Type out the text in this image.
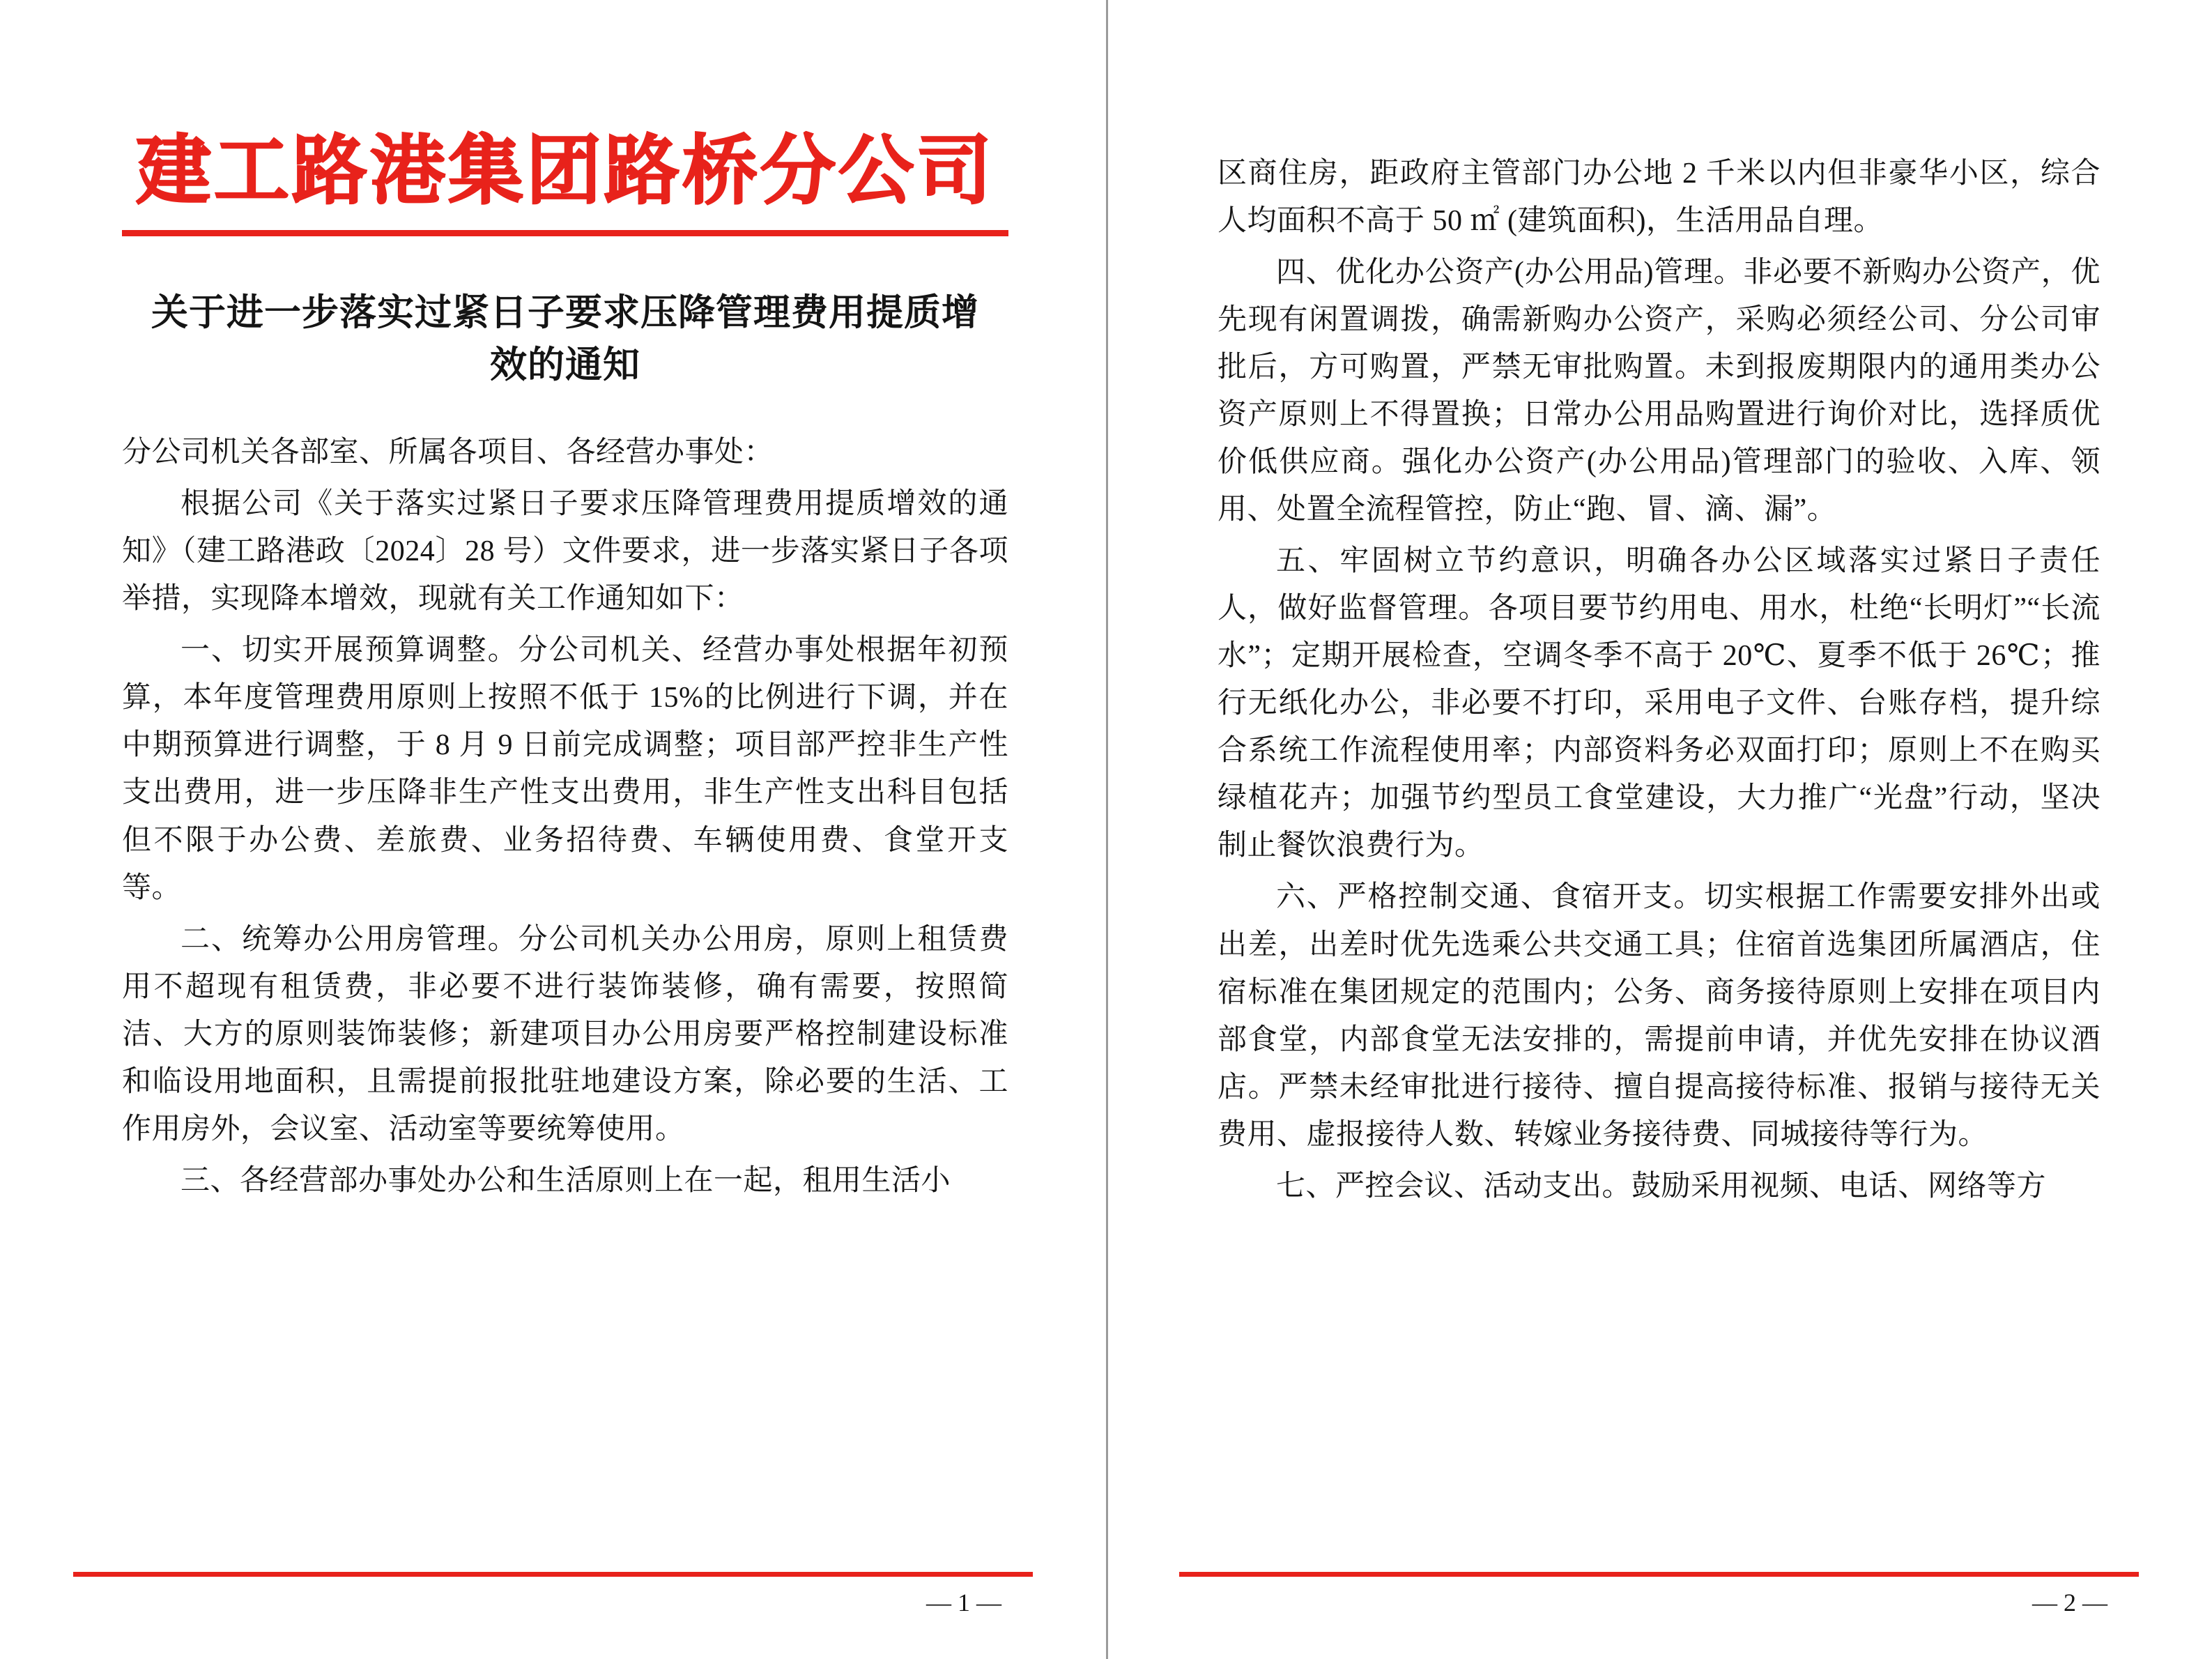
建工路港集团路桥分公司
关于进一步落实过紧日子要求压降管理费用提质增效的通知

分公司机关各部室、所属各项目、各经营办事处：

根据公司《关于落实过紧日子要求压降管理费用提质增效的通知》（建工路港政〔2024〕28 号）文件要求，进一步落实紧日子各项举措，实现降本增效，现就有关工作通知如下：

一、切实开展预算调整。分公司机关、经营办事处根据年初预算，本年度管理费用原则上按照不低于 15%的比例进行下调，并在中期预算进行调整，于 8 月 9 日前完成调整；项目部严控非生产性支出费用，进一步压降非生产性支出费用，非生产性支出科目包括但不限于办公费、差旅费、业务招待费、车辆使用费、食堂开支等。

二、统筹办公用房管理。分公司机关办公用房，原则上租赁费用不超现有租赁费，非必要不进行装饰装修，确有需要，按照简洁、大方的原则装饰装修；新建项目办公用房要严格控制建设标准和临设用地面积，且需提前报批驻地建设方案，除必要的生活、工作用房外，会议室、活动室等要统筹使用。

三、各经营部办事处办公和生活原则上在一起，租用生活小

— 1 —

区商住房，距政府主管部门办公地 2 千米以内但非豪华小区，综合人均面积不高于 50 ㎡ (建筑面积)，生活用品自理。

四、优化办公资产(办公用品)管理。非必要不新购办公资产，优先现有闲置调拨，确需新购办公资产，采购必须经公司、分公司审批后，方可购置，严禁无审批购置。未到报废期限内的通用类办公资产原则上不得置换；日常办公用品购置进行询价对比，选择质优价低供应商。强化办公资产(办公用品)管理部门的验收、入库、领用、处置全流程管控，防止“跑、冒、滴、漏”。

五、牢固树立节约意识，明确各办公区域落实过紧日子责任人，做好监督管理。各项目要节约用电、用水，杜绝“长明灯”“长流水”；定期开展检查，空调冬季不高于 20℃、夏季不低于 26℃；推行无纸化办公，非必要不打印，采用电子文件、台账存档，提升综合系统工作流程使用率；内部资料务必双面打印；原则上不在购买绿植花卉；加强节约型员工食堂建设，大力推广“光盘”行动，坚决制止餐饮浪费行为。

六、严格控制交通、食宿开支。切实根据工作需要安排外出或出差，出差时优先选乘公共交通工具；住宿首选集团所属酒店，住宿标准在集团规定的范围内；公务、商务接待原则上安排在项目内部食堂，内部食堂无法安排的，需提前申请，并优先安排在协议酒店。严禁未经审批进行接待、擅自提高接待标准、报销与接待无关费用、虚报接待人数、转嫁业务接待费、同城接待等行为。

七、严控会议、活动支出。鼓励采用视频、电话、网络等方

— 2 —
